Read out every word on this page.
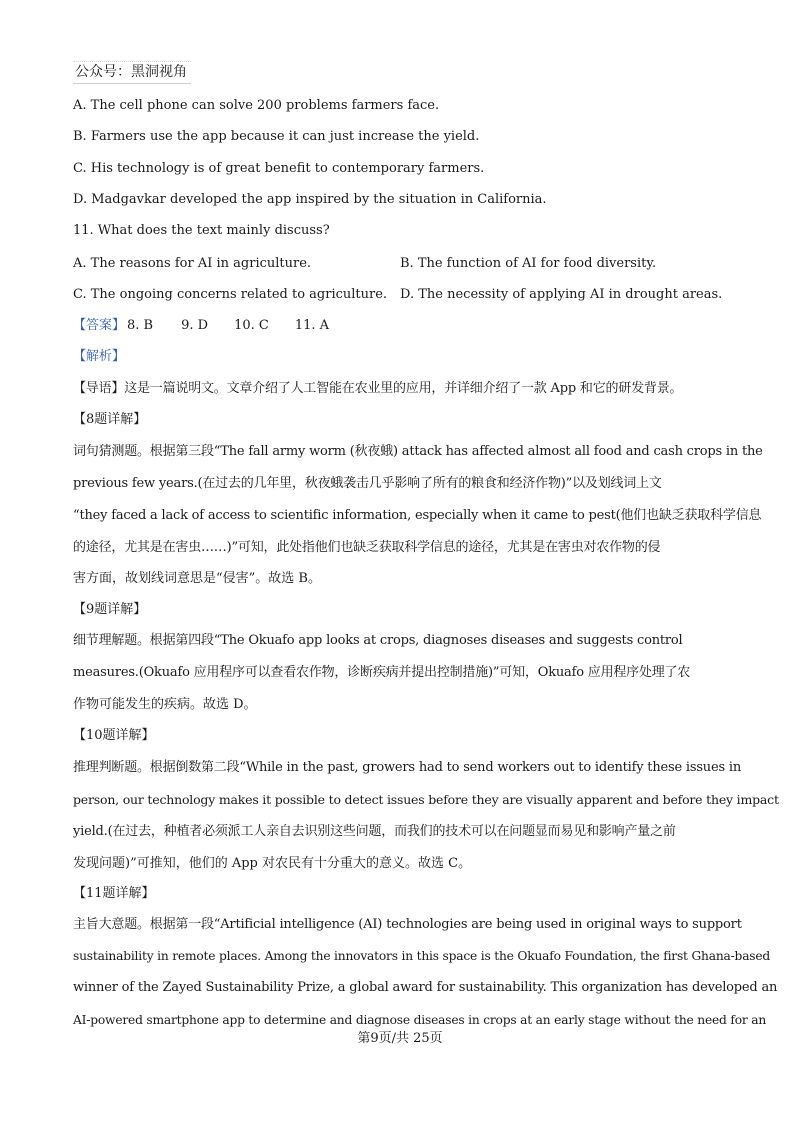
公众号：黑洞视角
A. The cell phone can solve 200 problems farmers face.
B. Farmers use the app because it can just increase the yield.
C. His technology is of great benefit to contemporary farmers.
D. Madgavkar developed the app inspired by the situation in California.
11. What does the text mainly discuss?
A. The reasons for AI in agriculture.	B. The function of AI for food diversity.
C. The ongoing concerns related to agriculture. D. The necessity of applying AI in drought areas.
【答案】 8. B 9. D 10. C 11. A
【解析】
【导语】这是一篇说明文。文章介绍了人工智能在农业里的应用，并详细介绍了一款 App 和它的研发背景。
【8题详解】
词句猜测题。根据第三段“The fall army worm (秋夜蛾) attack has affected almost all food and cash crops in the
previous few years.(在过去的几年里，秋夜蛾袭击几乎影响了所有的粮食和经济作物)”以及划线词上文
“they faced a lack of access to scientific information, especially when it came to pest(他们也缺乏获取科学信息
的途径，尤其是在害虫……)”可知，此处指他们也缺乏获取科学信息的途径，尤其是在害虫对农作物的侵
害方面，故划线词意思是“侵害”。故选 B。
【9题详解】
细节理解题。根据第四段“The Okuafo app looks at crops, diagnoses diseases and suggests control
measures.(Okuafo 应用程序可以查看农作物，诊断疾病并提出控制措施)”可知，Okuafo 应用程序处理了农
作物可能发生的疾病。故选 D。
【10题详解】
推理判断题。根据倒数第二段“While in the past, growers had to send workers out to identify these issues in
person, our technology makes it possible to detect issues before they are visually apparent and before they impact
yield.(在过去，种植者必须派工人亲自去识别这些问题，而我们的技术可以在问题显而易见和影响产量之前
发现问题)”可推知，他们的 App 对农民有十分重大的意义。故选 C。
【11题详解】
主旨大意题。根据第一段“Artificial intelligence (AI) technologies are being used in original ways to support
sustainability in remote places. Among the innovators in this space is the Okuafo Foundation, the first Ghana-based
winner of the Zayed Sustainability Prize, a global award for sustainability. This organization has developed an
AI-powered smartphone app to determine and diagnose diseases in crops at an early stage without the need for an
第9页/共 25页
